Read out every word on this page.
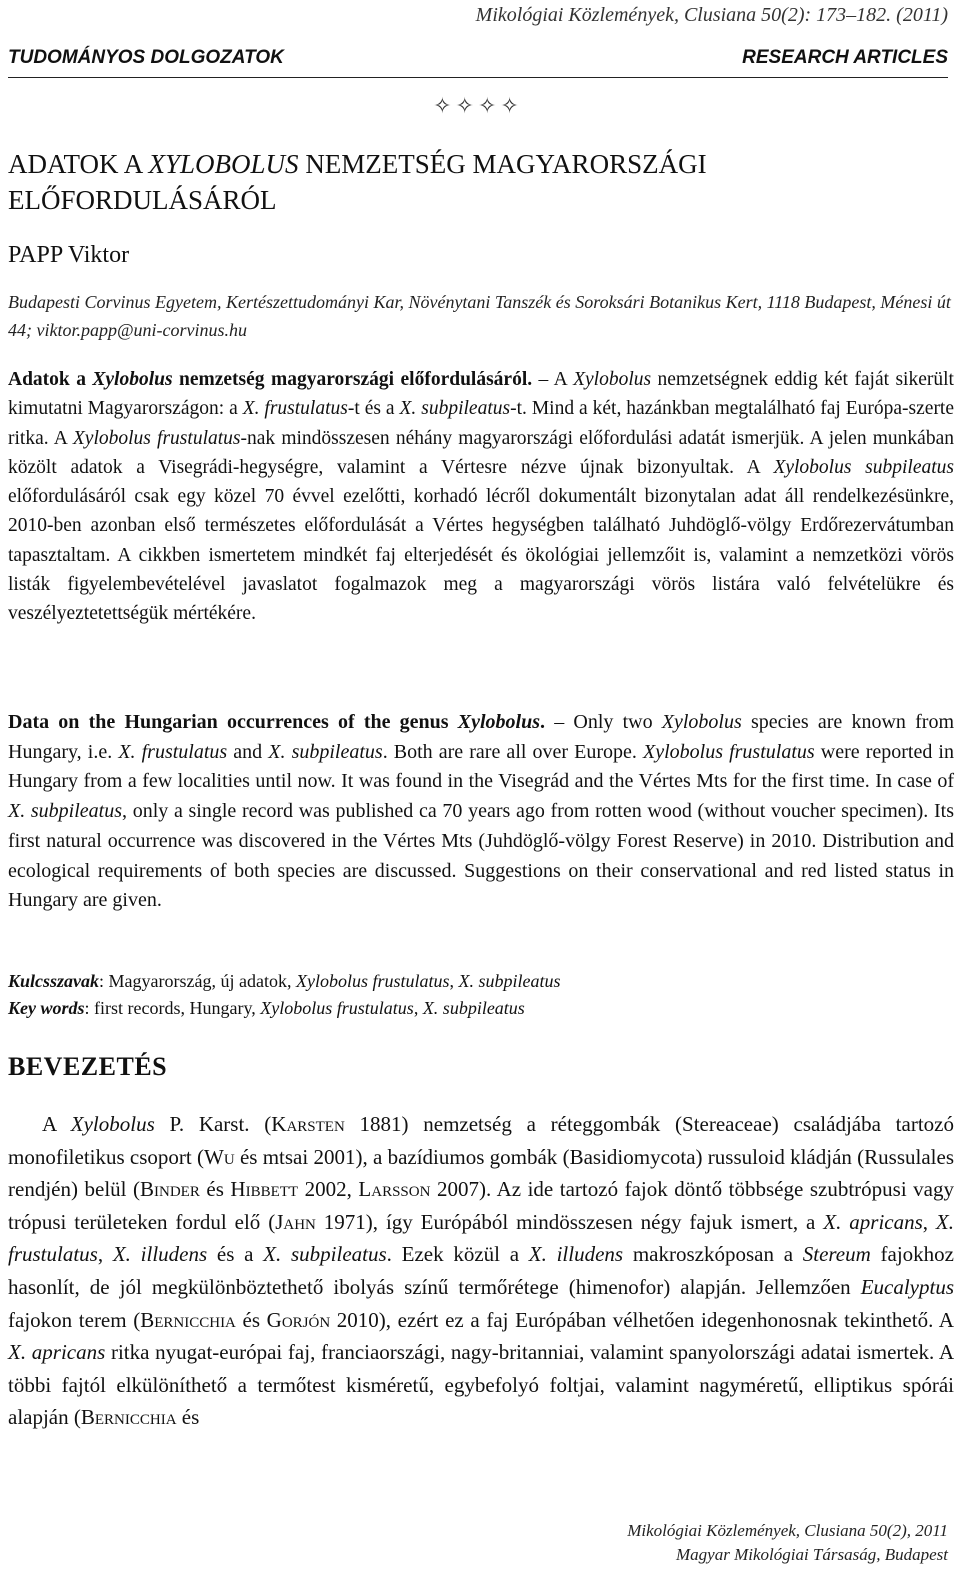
Mikológiai Közlemények, Clusiana 50(2): 173–182. (2011)
TUDOMÁNYOS DOLGOZATOK	RESEARCH ARTICLES
✧✧✧✧
ADATOK A XYLOBOLUS NEMZETSÉG MAGYARORSZÁGI ELŐFORDULÁSÁRÓL
PAPP Viktor
Budapesti Corvinus Egyetem, Kertészettudományi Kar, Növénytani Tanszék és Soroksári Botanikus Kert, 1118 Budapest, Ménesi út 44; viktor.papp@uni-corvinus.hu
Adatok a Xylobolus nemzetség magyarországi előfordulásáról. – A Xylobolus nemzetségnek eddig két faját sikerült kimutatni Magyarországon: a X. frustulatus-t és a X. subpileatus-t. Mind a két, hazánkban megtalálható faj Európa-szerte ritka. A Xylobolus frustulatus-nak mindösszesen néhány magyarországi előfordulási adatát ismerjük. A jelen munkában közölt adatok a Visegrádi-hegységre, valamint a Vértesre nézve újnak bizonyultak. A Xylobolus subpileatus előfordulásáról csak egy közel 70 évvel ezelőtti, korhadó lécről dokumentált bizonytalan adat áll rendelkezésünkre, 2010-ben azonban első természetes előfordulását a Vértes hegységben található Juhdöglő-völgy Erdőrezervátumban tapasztaltam. A cikkben ismertetem mindkét faj elterjedését és ökológiai jellemzőit is, valamint a nemzetközi vörös listák figyelembevételével javaslatot fogalmazok meg a magyarországi vörös listára való felvételükre és veszélyeztetettségük mértékére.
Data on the Hungarian occurrences of the genus Xylobolus. – Only two Xylobolus species are known from Hungary, i.e. X. frustulatus and X. subpileatus. Both are rare all over Europe. Xylobolus frustulatus were reported in Hungary from a few localities until now. It was found in the Visegrád and the Vértes Mts for the first time. In case of X. subpileatus, only a single record was published ca 70 years ago from rotten wood (without voucher specimen). Its first natural occurrence was discovered in the Vértes Mts (Juhdöglő-völgy Forest Reserve) in 2010. Distribution and ecological requirements of both species are discussed. Suggestions on their conservational and red listed status in Hungary are given.
Kulcsszavak: Magyarország, új adatok, Xylobolus frustulatus, X. subpileatus
Key words: first records, Hungary, Xylobolus frustulatus, X. subpileatus
BEVEZETÉS
A Xylobolus P. Karst. (Karsten 1881) nemzetség a réteggombák (Stereaceae) családjába tartozó monofiletikus csoport (Wu és mtsai 2001), a bazídiumos gombák (Basidiomycota) russuloid kládján (Russulales rendjén) belül (Binder és Hibbett 2002, Larsson 2007). Az ide tartozó fajok döntő többsége szubtrópusi vagy trópusi területeken fordul elő (Jahn 1971), így Európából mindösszesen négy fajuk ismert, a X. apricans, X. frustulatus, X. illudens és a X. subpileatus. Ezek közül a X. illudens makroszkóposan a Stereum fajokhoz hasonlít, de jól megkülönböztethető ibolyás színű termőrétege (himenofor) alapján. Jellemzően Eucalyptus fajokon terem (Bernicchia és Gorjón 2010), ezért ez a faj Európában vélhetően idegenhonosnak tekinthető. A X. apricans ritka nyugat-európai faj, franciaországi, nagy-britanniai, valamint spanyolországi adatai ismertek. A többi fajtól elkülöníthető a termőtest kisméretű, egybefolyó foltjai, valamint nagyméretű, elliptikus spórái alapján (Bernicchia és
Mikológiai Közlemények, Clusiana 50(2), 2011
Magyar Mikológiai Társaság, Budapest
